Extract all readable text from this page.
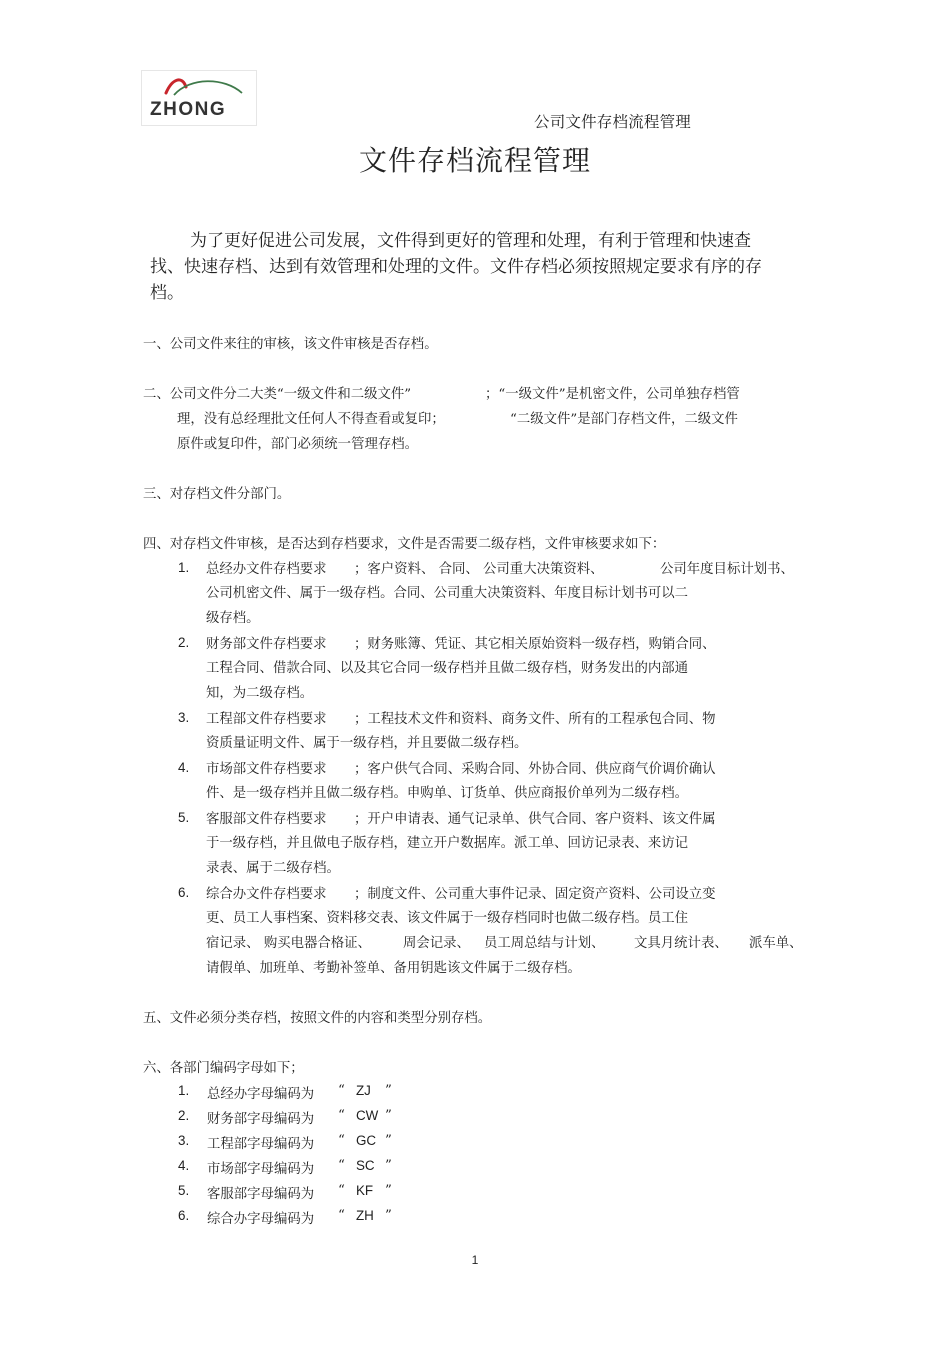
ZHONG
公司文件存档流程管理
文件存档流程管理

为了更好促进公司发展，文件得到更好的管理和处理，有利于管理和快速查找、快速存档、达到有效管理和处理的文件。文件存档必须按照规定要求有序的存档。

一、公司文件来往的审核，该文件审核是否存档。
二、公司文件分二大类“一级文件和二级文件”	；“一级文件”是机密文件，公司单独存档管
理，没有总经理批文任何人不得查看或复印；	“二级文件”是部门存档文件，二级文件
原件或复印件，部门必须统一管理存档。
三、对存档文件分部门。
四、对存档文件审核，是否达到存档要求，文件是否需要二级存档，文件审核要求如下：
1. 总经办文件存档要求 ；客户资料、 合同、 公司重大决策资料、	公司年度目标计划书、
公司机密文件、属于一级存档。合同、公司重大决策资料、年度目标计划书可以二
级存档。
2. 财务部文件存档要求 ；财务账簿、凭证、其它相关原始资料一级存档，购销合同、
工程合同、借款合同、以及其它合同一级存档并且做二级存档，财务发出的内部通
知，为二级存档。
3. 工程部文件存档要求 ；工程技术文件和资料、商务文件、所有的工程承包合同、物
资质量证明文件、属于一级存档，并且要做二级存档。
4. 市场部文件存档要求 ；客户供气合同、采购合同、外协合同、供应商气价调价确认
件、是一级存档并且做二级存档。申购单、订货单、供应商报价单列为二级存档。
5. 客服部文件存档要求 ；开户申请表、通气记录单、供气合同、客户资料、该文件属
于一级存档，并且做电子版存档，建立开户数据库。派工单、回访记录表、来访记
录表、属于二级存档。
6. 综合办文件存档要求 ；制度文件、公司重大事件记录、固定资产资料、公司设立变
更、员工人事档案、资料移交表、该文件属于一级存档同时也做二级存档。员工住
宿记录、 购买电器合格证、 周会记录、 员工周总结与计划、 文具月统计表、 派车单、
请假单、加班单、考勤补签单、备用钥匙该文件属于二级存档。
五、文件必须分类存档，按照文件的内容和类型分别存档。
六、各部门编码字母如下；
1. 总经办字母编码为 “ ZJ ”
2. 财务部字母编码为 “ CW ”
3. 工程部字母编码为 “ GC ”
4. 市场部字母编码为 “ SC ”
5. 客服部字母编码为 “ KF ”
6. 综合办字母编码为 “ ZH ”
1
